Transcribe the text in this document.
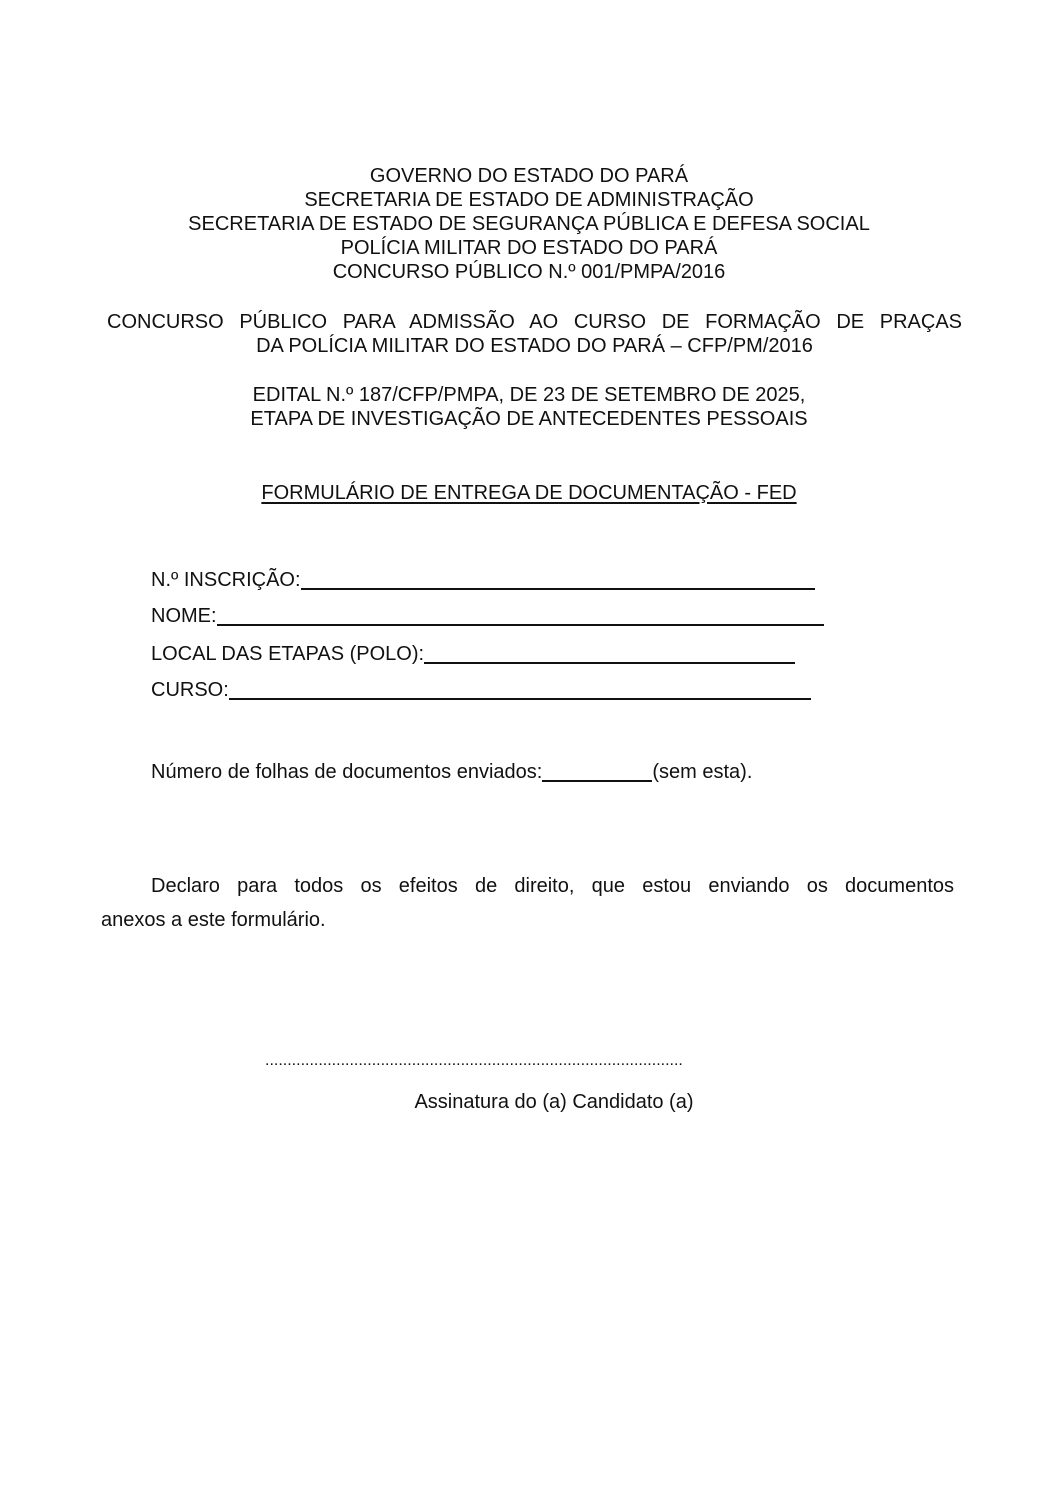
GOVERNO DO ESTADO DO PARÁ
SECRETARIA DE ESTADO DE ADMINISTRAÇÃO
SECRETARIA DE ESTADO DE SEGURANÇA PÚBLICA E DEFESA SOCIAL
POLÍCIA MILITAR DO ESTADO DO PARÁ
CONCURSO PÚBLICO N.º 001/PMPA/2016
CONCURSO PÚBLICO PARA ADMISSÃO AO CURSO DE FORMAÇÃO DE PRAÇAS
DA POLÍCIA MILITAR DO ESTADO DO PARÁ – CFP/PM/2016
EDITAL N.º 187/CFP/PMPA, DE 23 DE SETEMBRO DE 2025,
ETAPA DE INVESTIGAÇÃO DE ANTECEDENTES PESSOAIS
FORMULÁRIO DE ENTREGA DE DOCUMENTAÇÃO - FED
N.º INSCRIÇÃO:
NOME:
LOCAL DAS ETAPAS (POLO):
CURSO:
Número de folhas de documentos enviados:	(sem esta).
Declaro para todos os efeitos de direito, que estou enviando os documentos
anexos a este formulário.
..............................................................................................
Assinatura do (a) Candidato (a)
